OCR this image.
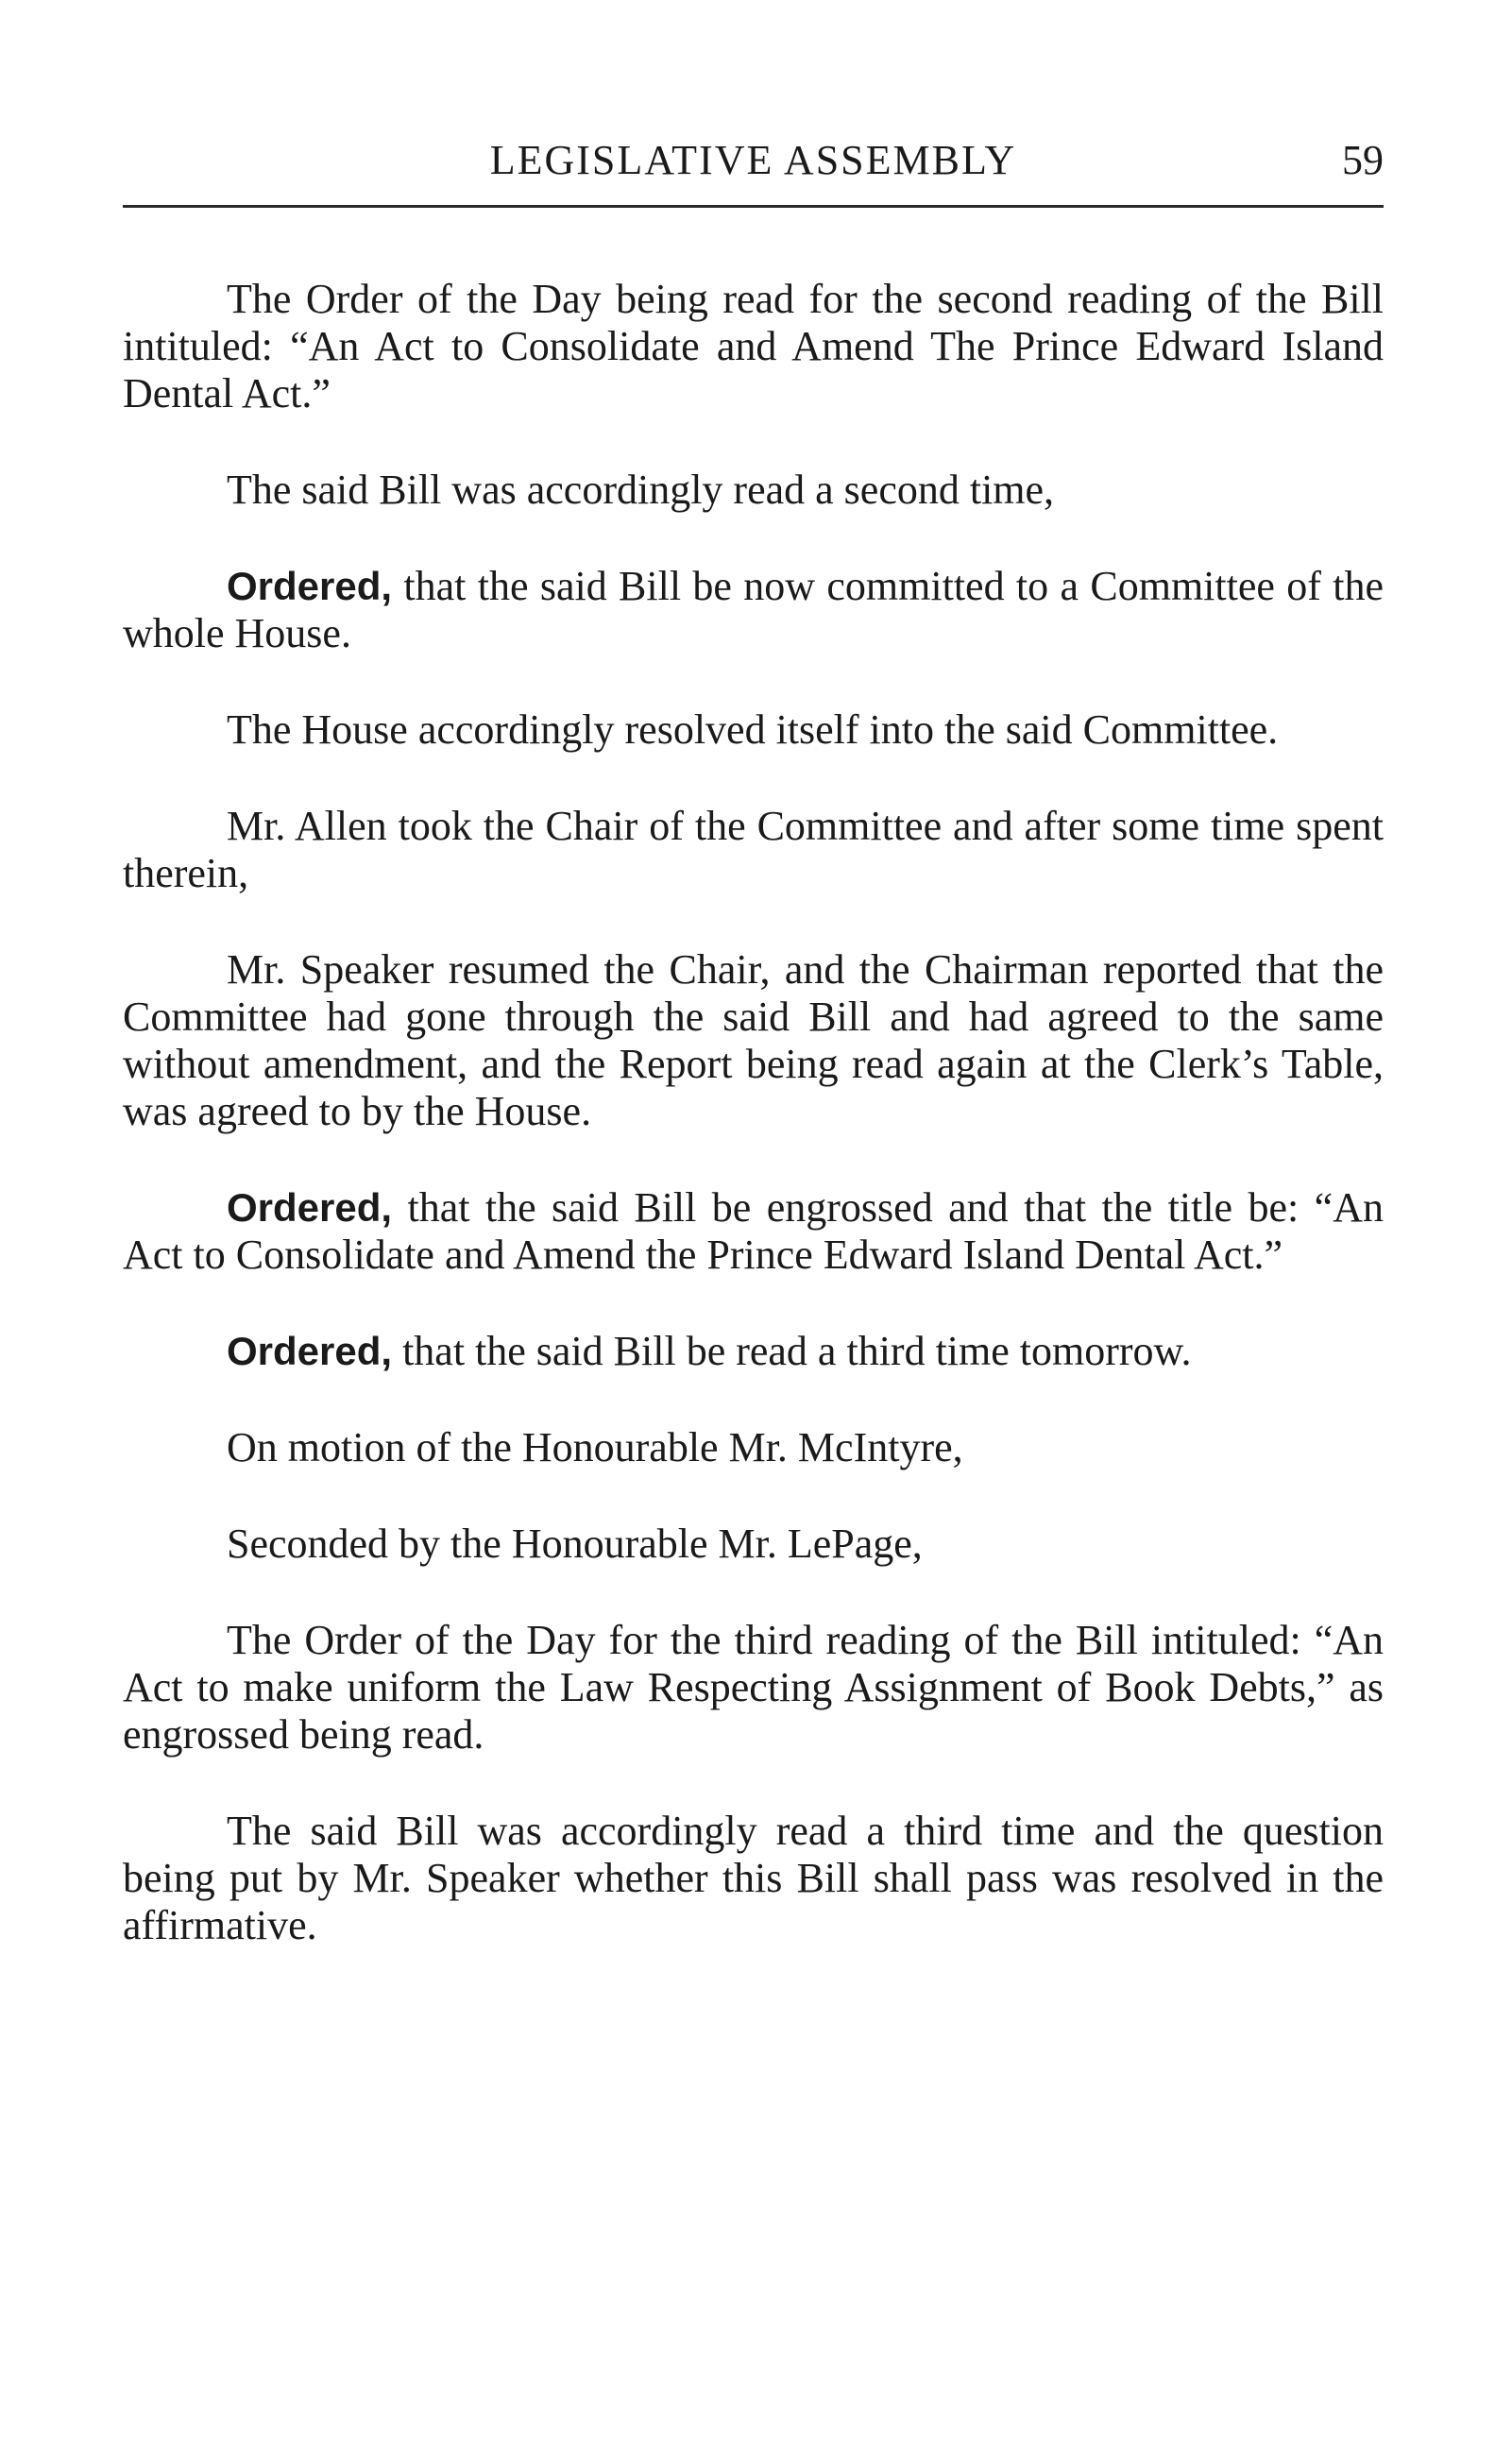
LEGISLATIVE ASSEMBLY	59

The Order of the Day being read for the second reading of the Bill intituled: “An Act to Consolidate and Amend The Prince Edward Island Dental Act.”

The said Bill was accordingly read a second time,

Ordered, that the said Bill be now committed to a Committee of the whole House.

The House accordingly resolved itself into the said Committee.

Mr. Allen took the Chair of the Committee and after some time spent therein,

Mr. Speaker resumed the Chair, and the Chairman reported that the Committee had gone through the said Bill and had agreed to the same without amendment, and the Report being read again at the Clerk’s Table, was agreed to by the House.

Ordered, that the said Bill be engrossed and that the title be: “An Act to Consolidate and Amend the Prince Edward Island Dental Act.”

Ordered, that the said Bill be read a third time tomorrow.

On motion of the Honourable Mr. McIntyre,

Seconded by the Honourable Mr. LePage,

The Order of the Day for the third reading of the Bill intituled: “An Act to make uniform the Law Respecting Assignment of Book Debts,” as engrossed being read.

The said Bill was accordingly read a third time and the question being put by Mr. Speaker whether this Bill shall pass was resolved in the affirmative.
